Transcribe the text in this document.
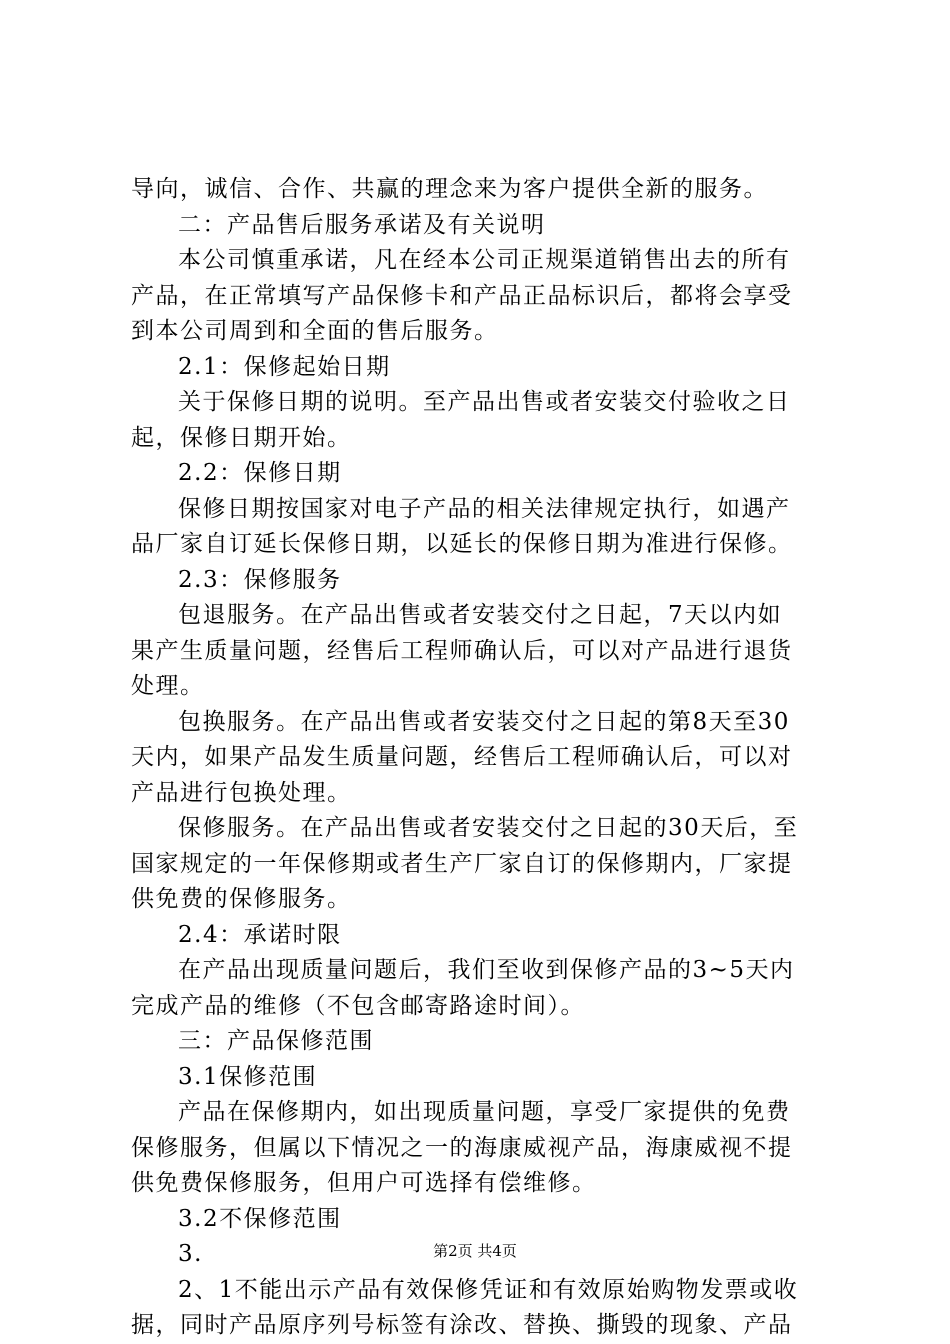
导向，诚信、合作、共赢的理念来为客户提供全新的服务。
二：产品售后服务承诺及有关说明
本公司慎重承诺，凡在经本公司正规渠道销售出去的所有
产品，在正常填写产品保修卡和产品正品标识后，都将会享受
到本公司周到和全面的售后服务。
2.1：保修起始日期
关于保修日期的说明。至产品出售或者安装交付验收之日
起，保修日期开始。
2.2：保修日期
保修日期按国家对电子产品的相关法律规定执行，如遇产
品厂家自订延长保修日期，以延长的保修日期为准进行保修。
2.3：保修服务
包退服务。在产品出售或者安装交付之日起，7天以内如
果产生质量问题，经售后工程师确认后，可以对产品进行退货
处理。
包换服务。在产品出售或者安装交付之日起的第8天至30
天内，如果产品发生质量问题，经售后工程师确认后，可以对
产品进行包换处理。
保修服务。在产品出售或者安装交付之日起的30天后，至
国家规定的一年保修期或者生产厂家自订的保修期内，厂家提
供免费的保修服务。
2.4：承诺时限
在产品出现质量问题后，我们至收到保修产品的3~5天内
完成产品的维修（不包含邮寄路途时间）。
三：产品保修范围
3.1保修范围
产品在保修期内，如出现质量问题，享受厂家提供的免费
保修服务，但属以下情况之一的海康威视产品，海康威视不提
供免费保修服务，但用户可选择有偿维修。
3.2不保修范围
3.
2、1不能出示产品有效保修凭证和有效原始购物发票或收
据，同时产品原序列号标签有涂改、替换、撕毁的现象、产品
第2页 共4页
